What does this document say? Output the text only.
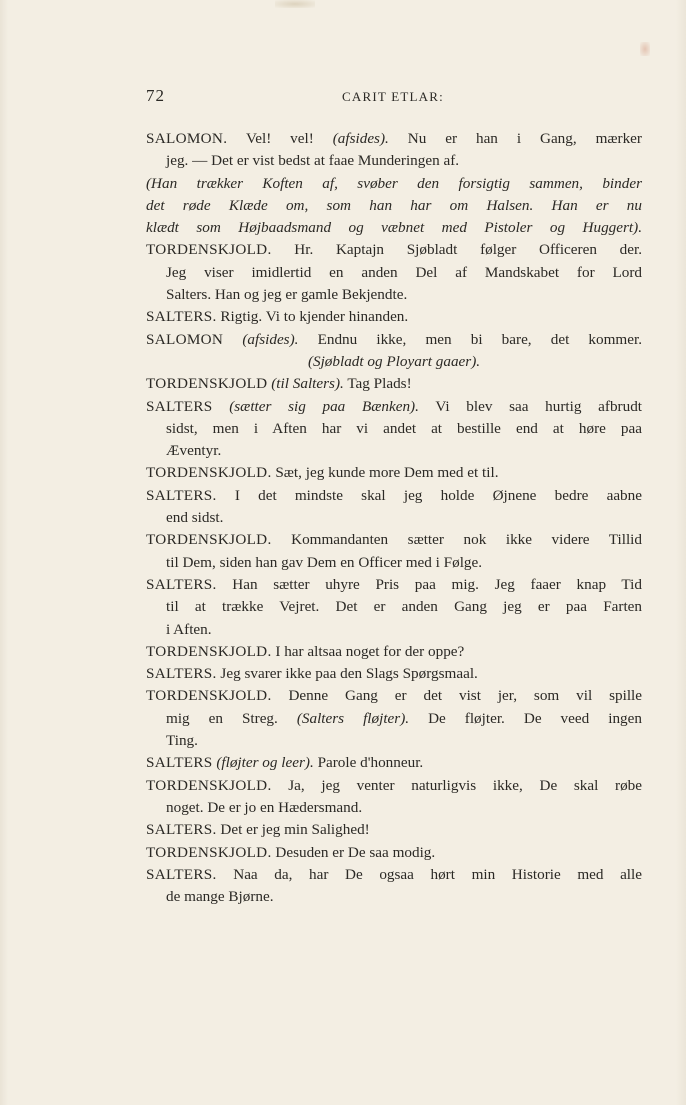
72	CARIT ETLAR:
SALOMON. Vel! vel! (afsides). Nu er han i Gang, mærker
jeg. — Det er vist bedst at faae Munderingen af.
(Han trækker Koften af, svøber den forsigtig sammen, binder
det røde Klæde om, som han har om Halsen. Han er nu
klædt som Højbaadsmand og væbnet med Pistoler og Huggert).
TORDENSKJOLD. Hr. Kaptajn Sjøbladt følger Officeren der.
Jeg viser imidlertid en anden Del af Mandskabet for Lord
Salters. Han og jeg er gamle Bekjendte.
SALTERS. Rigtig. Vi to kjender hinanden.
SALOMON (afsides). Endnu ikke, men bi bare, det kommer.
(Sjøbladt og Ployart gaaer).
TORDENSKJOLD (til Salters). Tag Plads!
SALTERS (sætter sig paa Bænken). Vi blev saa hurtig afbrudt
sidst, men i Aften har vi andet at bestille end at høre paa
Æventyr.
TORDENSKJOLD. Sæt, jeg kunde more Dem med et til.
SALTERS. I det mindste skal jeg holde Øjnene bedre aabne
end sidst.
TORDENSKJOLD. Kommandanten sætter nok ikke videre Tillid
til Dem, siden han gav Dem en Officer med i Følge.
SALTERS. Han sætter uhyre Pris paa mig. Jeg faaer knap Tid
til at trække Vejret. Det er anden Gang jeg er paa Farten
i Aften.
TORDENSKJOLD. I har altsaa noget for der oppe?
SALTERS. Jeg svarer ikke paa den Slags Spørgsmaal.
TORDENSKJOLD. Denne Gang er det vist jer, som vil spille
mig en Streg. (Salters fløjter). De fløjter. De veed ingen
Ting.
SALTERS (fløjter og leer). Parole d'honneur.
TORDENSKJOLD. Ja, jeg venter naturligvis ikke, De skal røbe
noget. De er jo en Hædersmand.
SALTERS. Det er jeg min Salighed!
TORDENSKJOLD. Desuden er De saa modig.
SALTERS. Naa da, har De ogsaa hørt min Historie med alle
de mange Bjørne.
